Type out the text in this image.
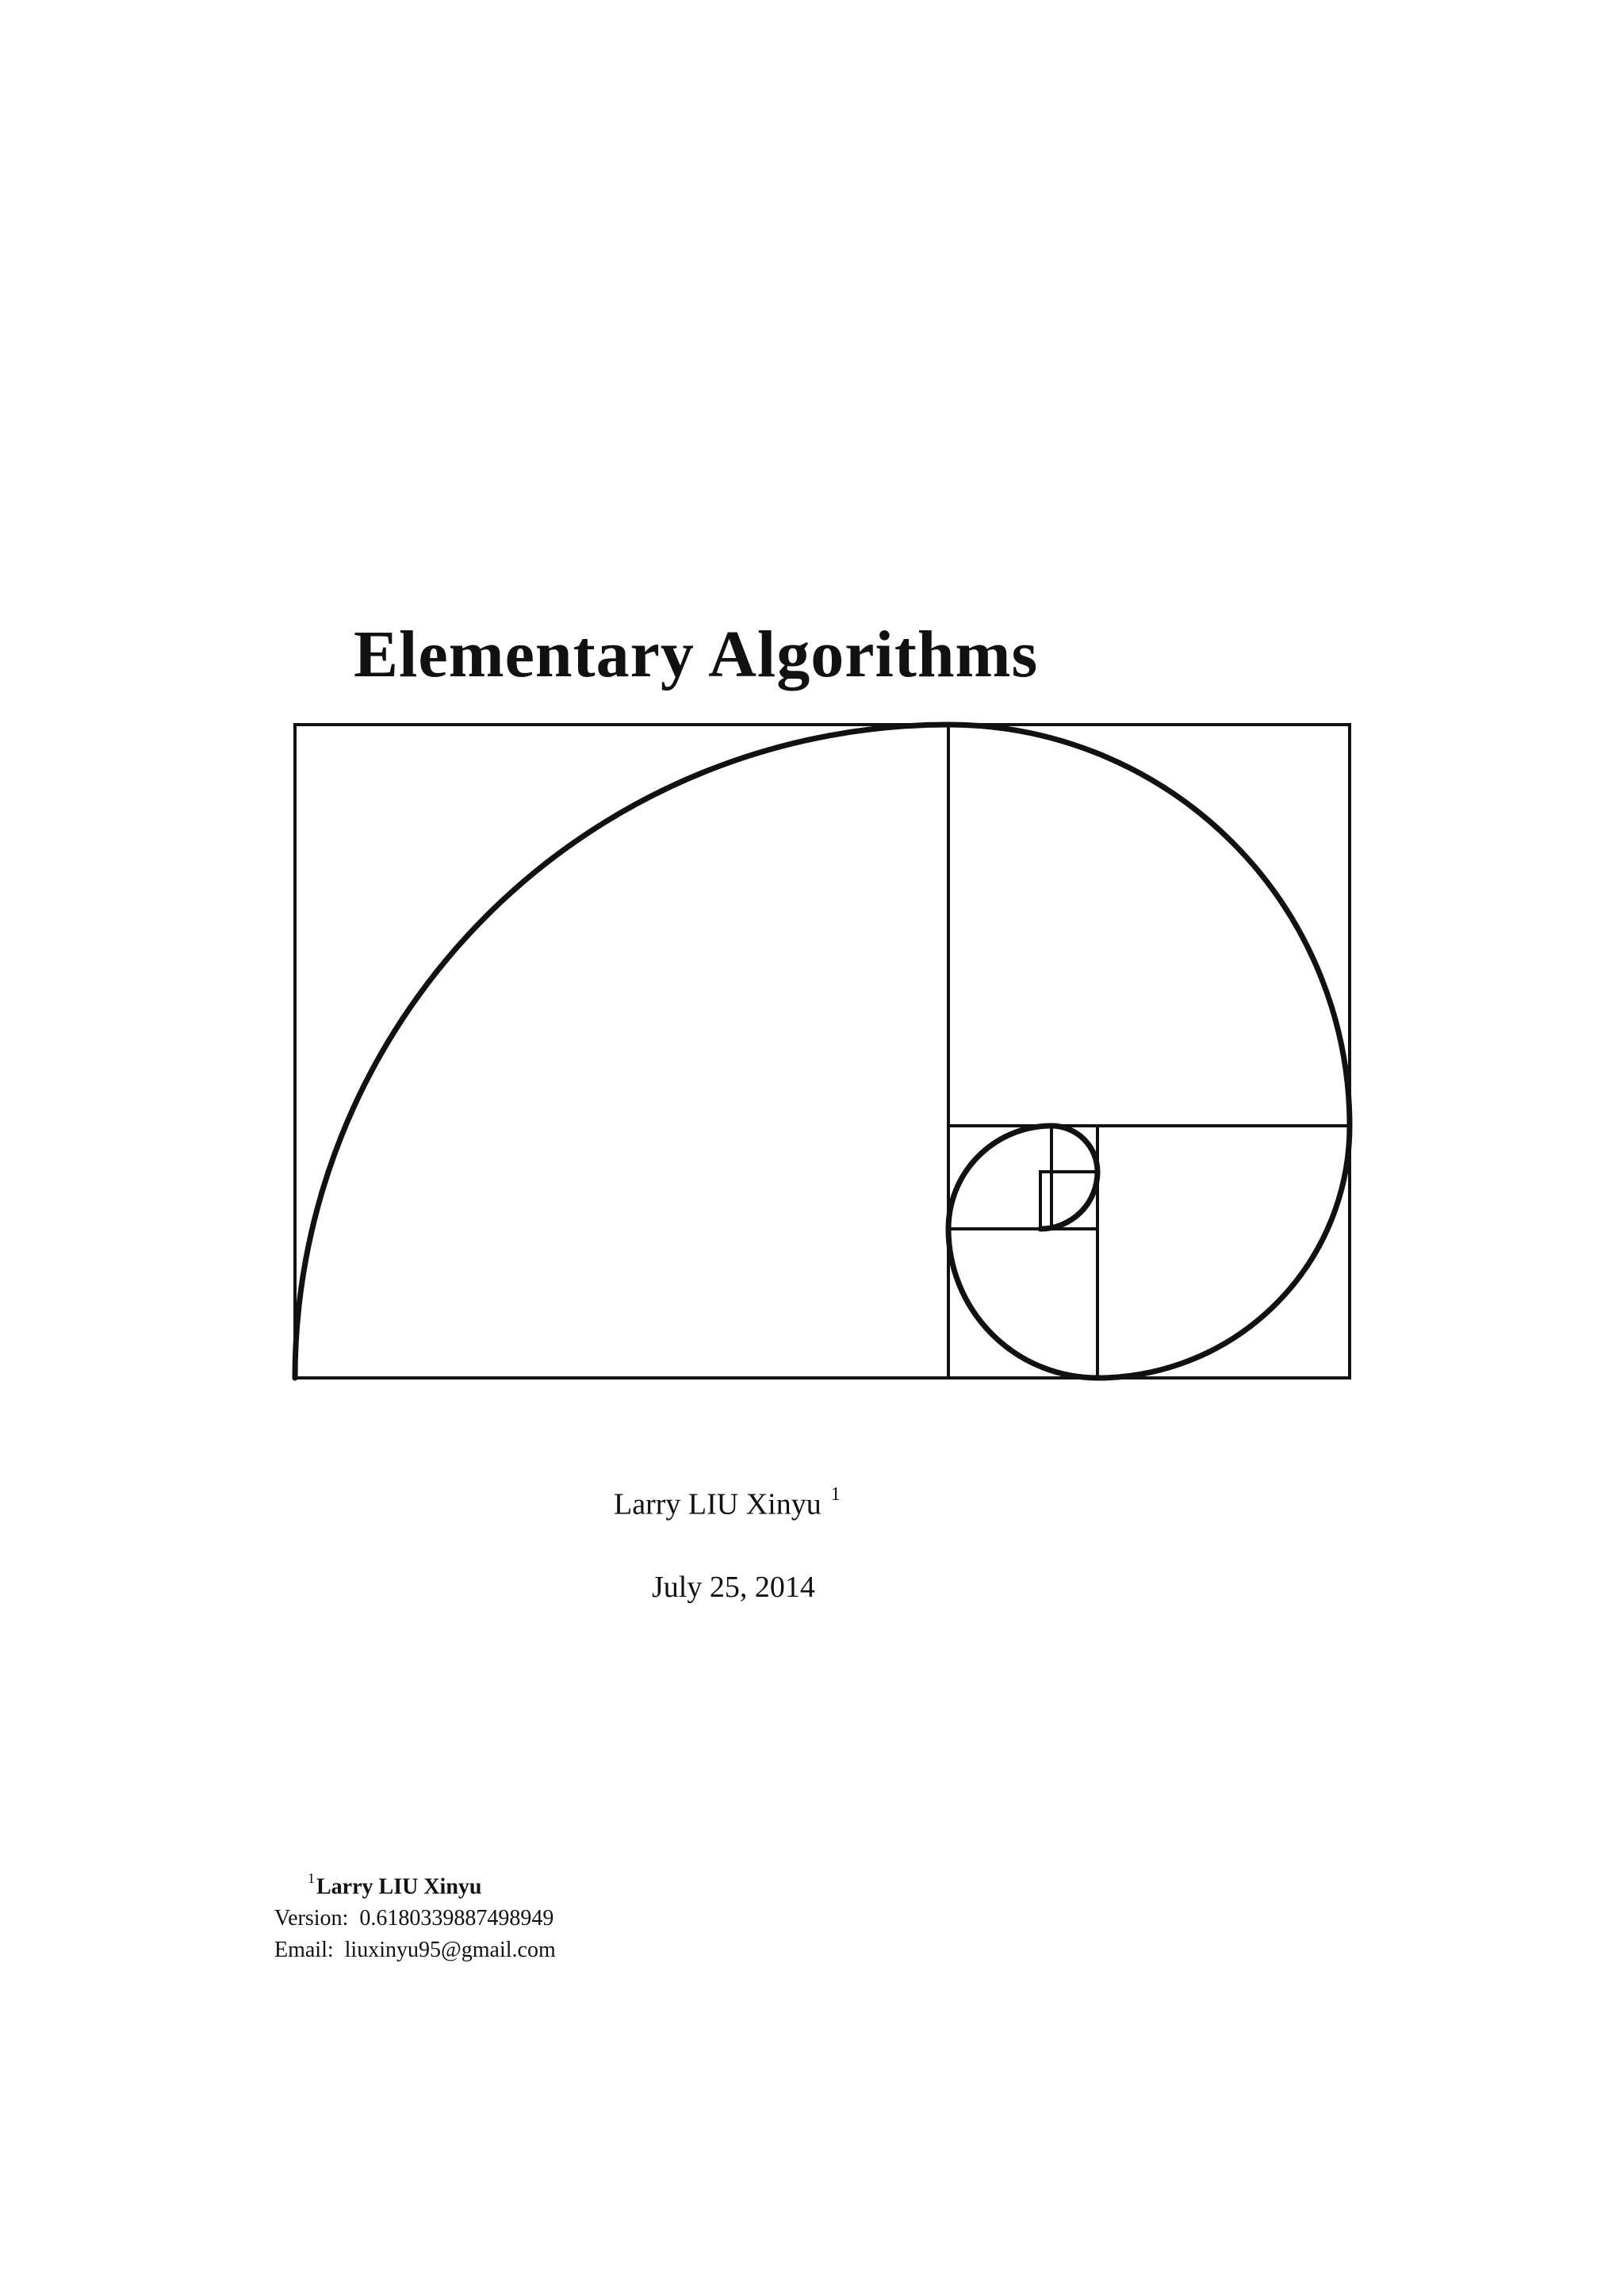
Elementary Algorithms
Larry LIU Xinyu $^1$
July 25, 2014
$^1$Larry LIU Xinyu
Version: 0.6180339887498949
Email: liuxinyu95@gmail.com
